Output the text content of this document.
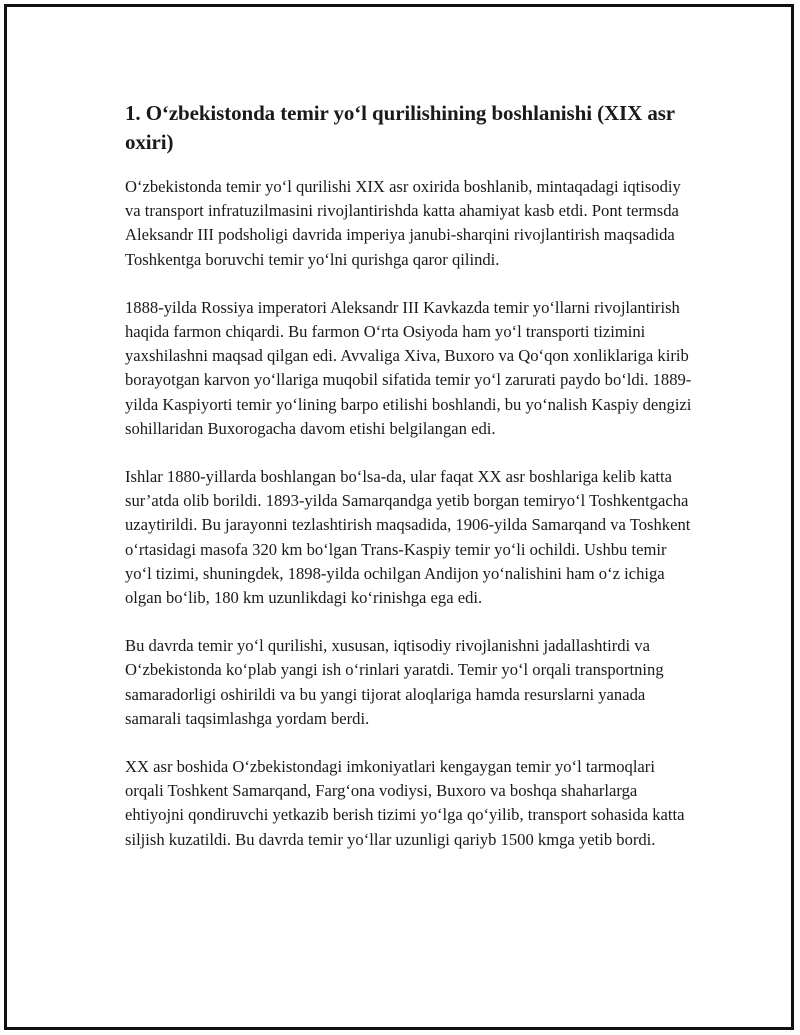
1. O‘zbekistonda temir yo‘l qurilishining boshlanishi (XIX asr oxiri)

O‘zbekistonda temir yo‘l qurilishi XIX asr oxirida boshlanib, mintaqadagi iqtisodiy va transport infratuzilmasini rivojlantirishda katta ahamiyat kasb etdi. Pont termsda Aleksandr III podsholigi davrida imperiya janubi-sharqini rivojlantirish maqsadida Toshkentga boruvchi temir yo‘lni qurishga qaror qilindi.

1888-yilda Rossiya imperatori Aleksandr III Kavkazda temir yo‘llarni rivojlantirish haqida farmon chiqardi. Bu farmon O‘rta Osiyoda ham yo‘l transporti tizimini yaxshilashni maqsad qilgan edi. Avvaliga Xiva, Buxoro va Qo‘qon xonliklariga kirib borayotgan karvon yo‘llariga muqobil sifatida temir yo‘l zarurati paydo bo‘ldi. 1889-yilda Kaspiyorti temir yo‘lining barpo etilishi boshlandi, bu yo‘nalish Kaspiy dengizi sohillaridan Buxorogacha davom etishi belgilangan edi.

Ishlar 1880-yillarda boshlangan bo‘lsa-da, ular faqat XX asr boshlariga kelib katta sur’atda olib borildi. 1893-yilda Samarqandga yetib borgan temiryo‘l Toshkentgacha uzaytirildi. Bu jarayonni tezlashtirish maqsadida, 1906-yilda Samarqand va Toshkent o‘rtasidagi masofa 320 km bo‘lgan Trans-Kaspiy temir yo‘li ochildi. Ushbu temir yo‘l tizimi, shuningdek, 1898-yilda ochilgan Andijon yo‘nalishini ham o‘z ichiga olgan bo‘lib, 180 km uzunlikdagi ko‘rinishga ega edi.

Bu davrda temir yo‘l qurilishi, xususan, iqtisodiy rivojlanishni jadallashtirdi va O‘zbekistonda ko‘plab yangi ish o‘rinlari yaratdi. Temir yo‘l orqali transportning samaradorligi oshirildi va bu yangi tijorat aloqlariga hamda resurslarni yanada samarali taqsimlashga yordam berdi.

XX asr boshida O‘zbekistondagi imkoniyatlari kengaygan temir yo‘l tarmoqlari orqali Toshkent Samarqand, Farg‘ona vodiysi, Buxoro va boshqa shaharlarga ehtiyojni qondiruvchi yetkazib berish tizimi yo‘lga qo‘yilib, transport sohasida katta siljish kuzatildi. Bu davrda temir yo‘llar uzunligi qariyb 1500 kmga yetib bordi.
